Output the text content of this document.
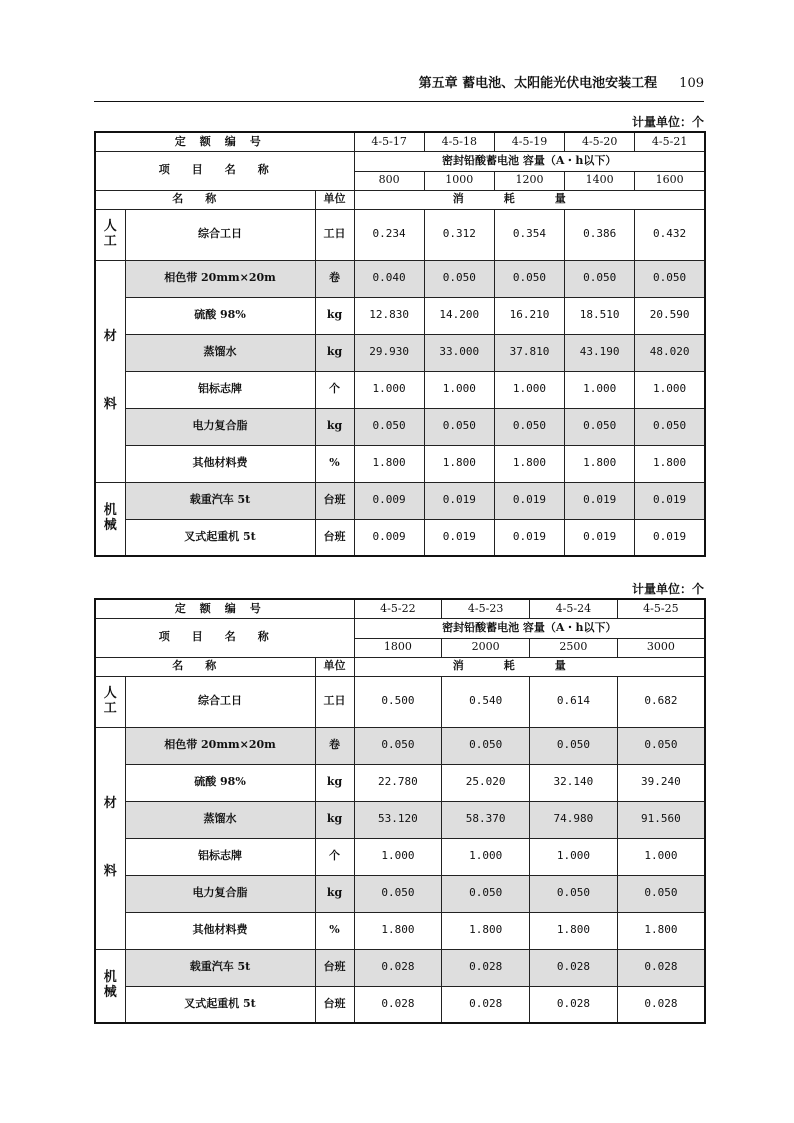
第五章 蓄电池、太阳能光伏电池安装工程 109
计量单位：个
定额编号			4-5-17	4-5-18	4-5-19	4-5-20	4-5-21
项目名称			密封铅酸蓄电池 容量（A・h以下）				
			800	1000	1200	1400	1600
名称		单位	消耗量				
人工	综合工日	工日	0.234	0.312	0.354	0.386	0.432
材料	相色带 20mm×20m	卷	0.040	0.050	0.050	0.050	0.050
	硫酸 98%	kg	12.830	14.200	16.210	18.510	20.590
	蒸馏水	kg	29.930	33.000	37.810	43.190	48.020
	铝标志牌	个	1.000	1.000	1.000	1.000	1.000
	电力复合脂	kg	0.050	0.050	0.050	0.050	0.050
	其他材料费	%	1.800	1.800	1.800	1.800	1.800
机械	载重汽车 5t	台班	0.009	0.019	0.019	0.019	0.019
	叉式起重机 5t	台班	0.009	0.019	0.019	0.019	0.019
计量单位：个
定额编号			4-5-22	4-5-23	4-5-24	4-5-25
项目名称			密封铅酸蓄电池 容量（A・h以下）			
			1800	2000	2500	3000
名称		单位	消耗量			
人工	综合工日	工日	0.500	0.540	0.614	0.682
材料	相色带 20mm×20m	卷	0.050	0.050	0.050	0.050
	硫酸 98%	kg	22.780	25.020	32.140	39.240
	蒸馏水	kg	53.120	58.370	74.980	91.560
	铝标志牌	个	1.000	1.000	1.000	1.000
	电力复合脂	kg	0.050	0.050	0.050	0.050
	其他材料费	%	1.800	1.800	1.800	1.800
机械	载重汽车 5t	台班	0.028	0.028	0.028	0.028
	叉式起重机 5t	台班	0.028	0.028	0.028	0.028
